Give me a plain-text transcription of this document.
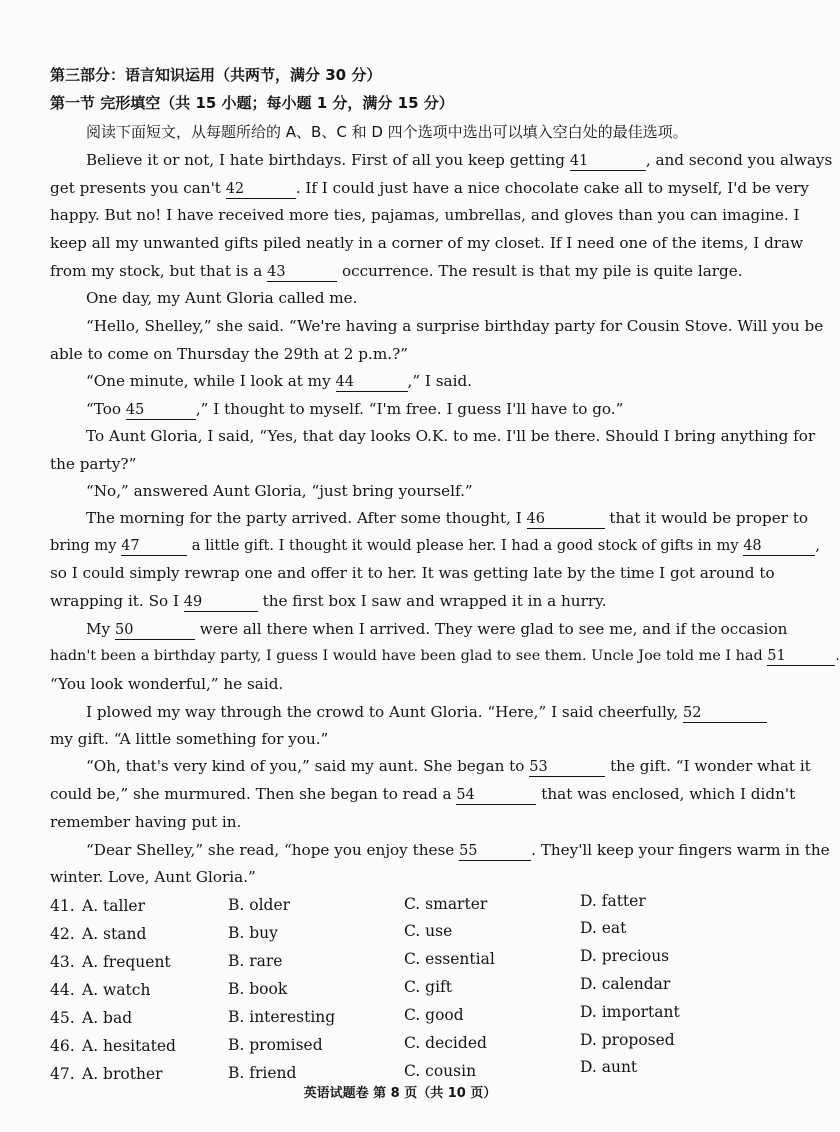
第三部分：语言知识运用（共两节，满分 30 分）
第一节 完形填空（共 15 小题；每小题 1 分，满分 15 分）
阅读下面短文，从每题所给的 A、B、C 和 D 四个选项中选出可以填入空白处的最佳选项。
Believe it or not, I hate birthdays. First of all you keep getting 41	, and second you always
get presents you can't 42	. If I could just have a nice chocolate cake all to myself, I'd be very
happy. But no! I have received more ties, pajamas, umbrellas, and gloves than you can imagine. I
keep all my unwanted gifts piled neatly in a corner of my closet. If I need one of the items, I draw
from my stock, but that is a 43	occurrence. The result is that my pile is quite large.
One day, my Aunt Gloria called me.
“Hello, Shelley,” she said. “We're having a surprise birthday party for Cousin Stove. Will you be
able to come on Thursday the 29th at 2 p.m.?”
“One minute, while I look at my 44	,” I said.
“Too 45	,” I thought to myself. “I'm free. I guess I'll have to go.”
To Aunt Gloria, I said, “Yes, that day looks O.K. to me. I'll be there. Should I bring anything for
the party?”
“No,” answered Aunt Gloria, “just bring yourself.”
The morning for the party arrived. After some thought, I 46	that it would be proper to
bring my 47	a little gift. I thought it would please her. I had a good stock of gifts in my 48	,
so I could simply rewrap one and offer it to her. It was getting late by the time I got around to
wrapping it. So I 49	the first box I saw and wrapped it in a hurry.
My 50	were all there when I arrived. They were glad to see me, and if the occasion
hadn't been a birthday party, I guess I would have been glad to see them. Uncle Joe told me I had 51	.
“You look wonderful,” he said.
I plowed my way through the crowd to Aunt Gloria. “Here,” I said cheerfully, 52
my gift. “A little something for you.”
“Oh, that's very kind of you,” said my aunt. She began to 53	the gift. “I wonder what it
could be,” she murmured. Then she began to read a 54	that was enclosed, which I didn't
remember having put in.
“Dear Shelley,” she read, “hope you enjoy these 55	. They'll keep your fingers warm in the
winter. Love, Aunt Gloria.”
41. A. taller	B. older	C. smarter	D. fatter
42. A. stand	B. buy	C. use	D. eat
43. A. frequent	B. rare	C. essential	D. precious
44. A. watch	B. book	C. gift	D. calendar
45. A. bad	B. interesting	C. good	D. important
46. A. hesitated	B. promised	C. decided	D. proposed
47. A. brother	B. friend	C. cousin	D. aunt
英语试题卷 第 8 页（共 10 页）
